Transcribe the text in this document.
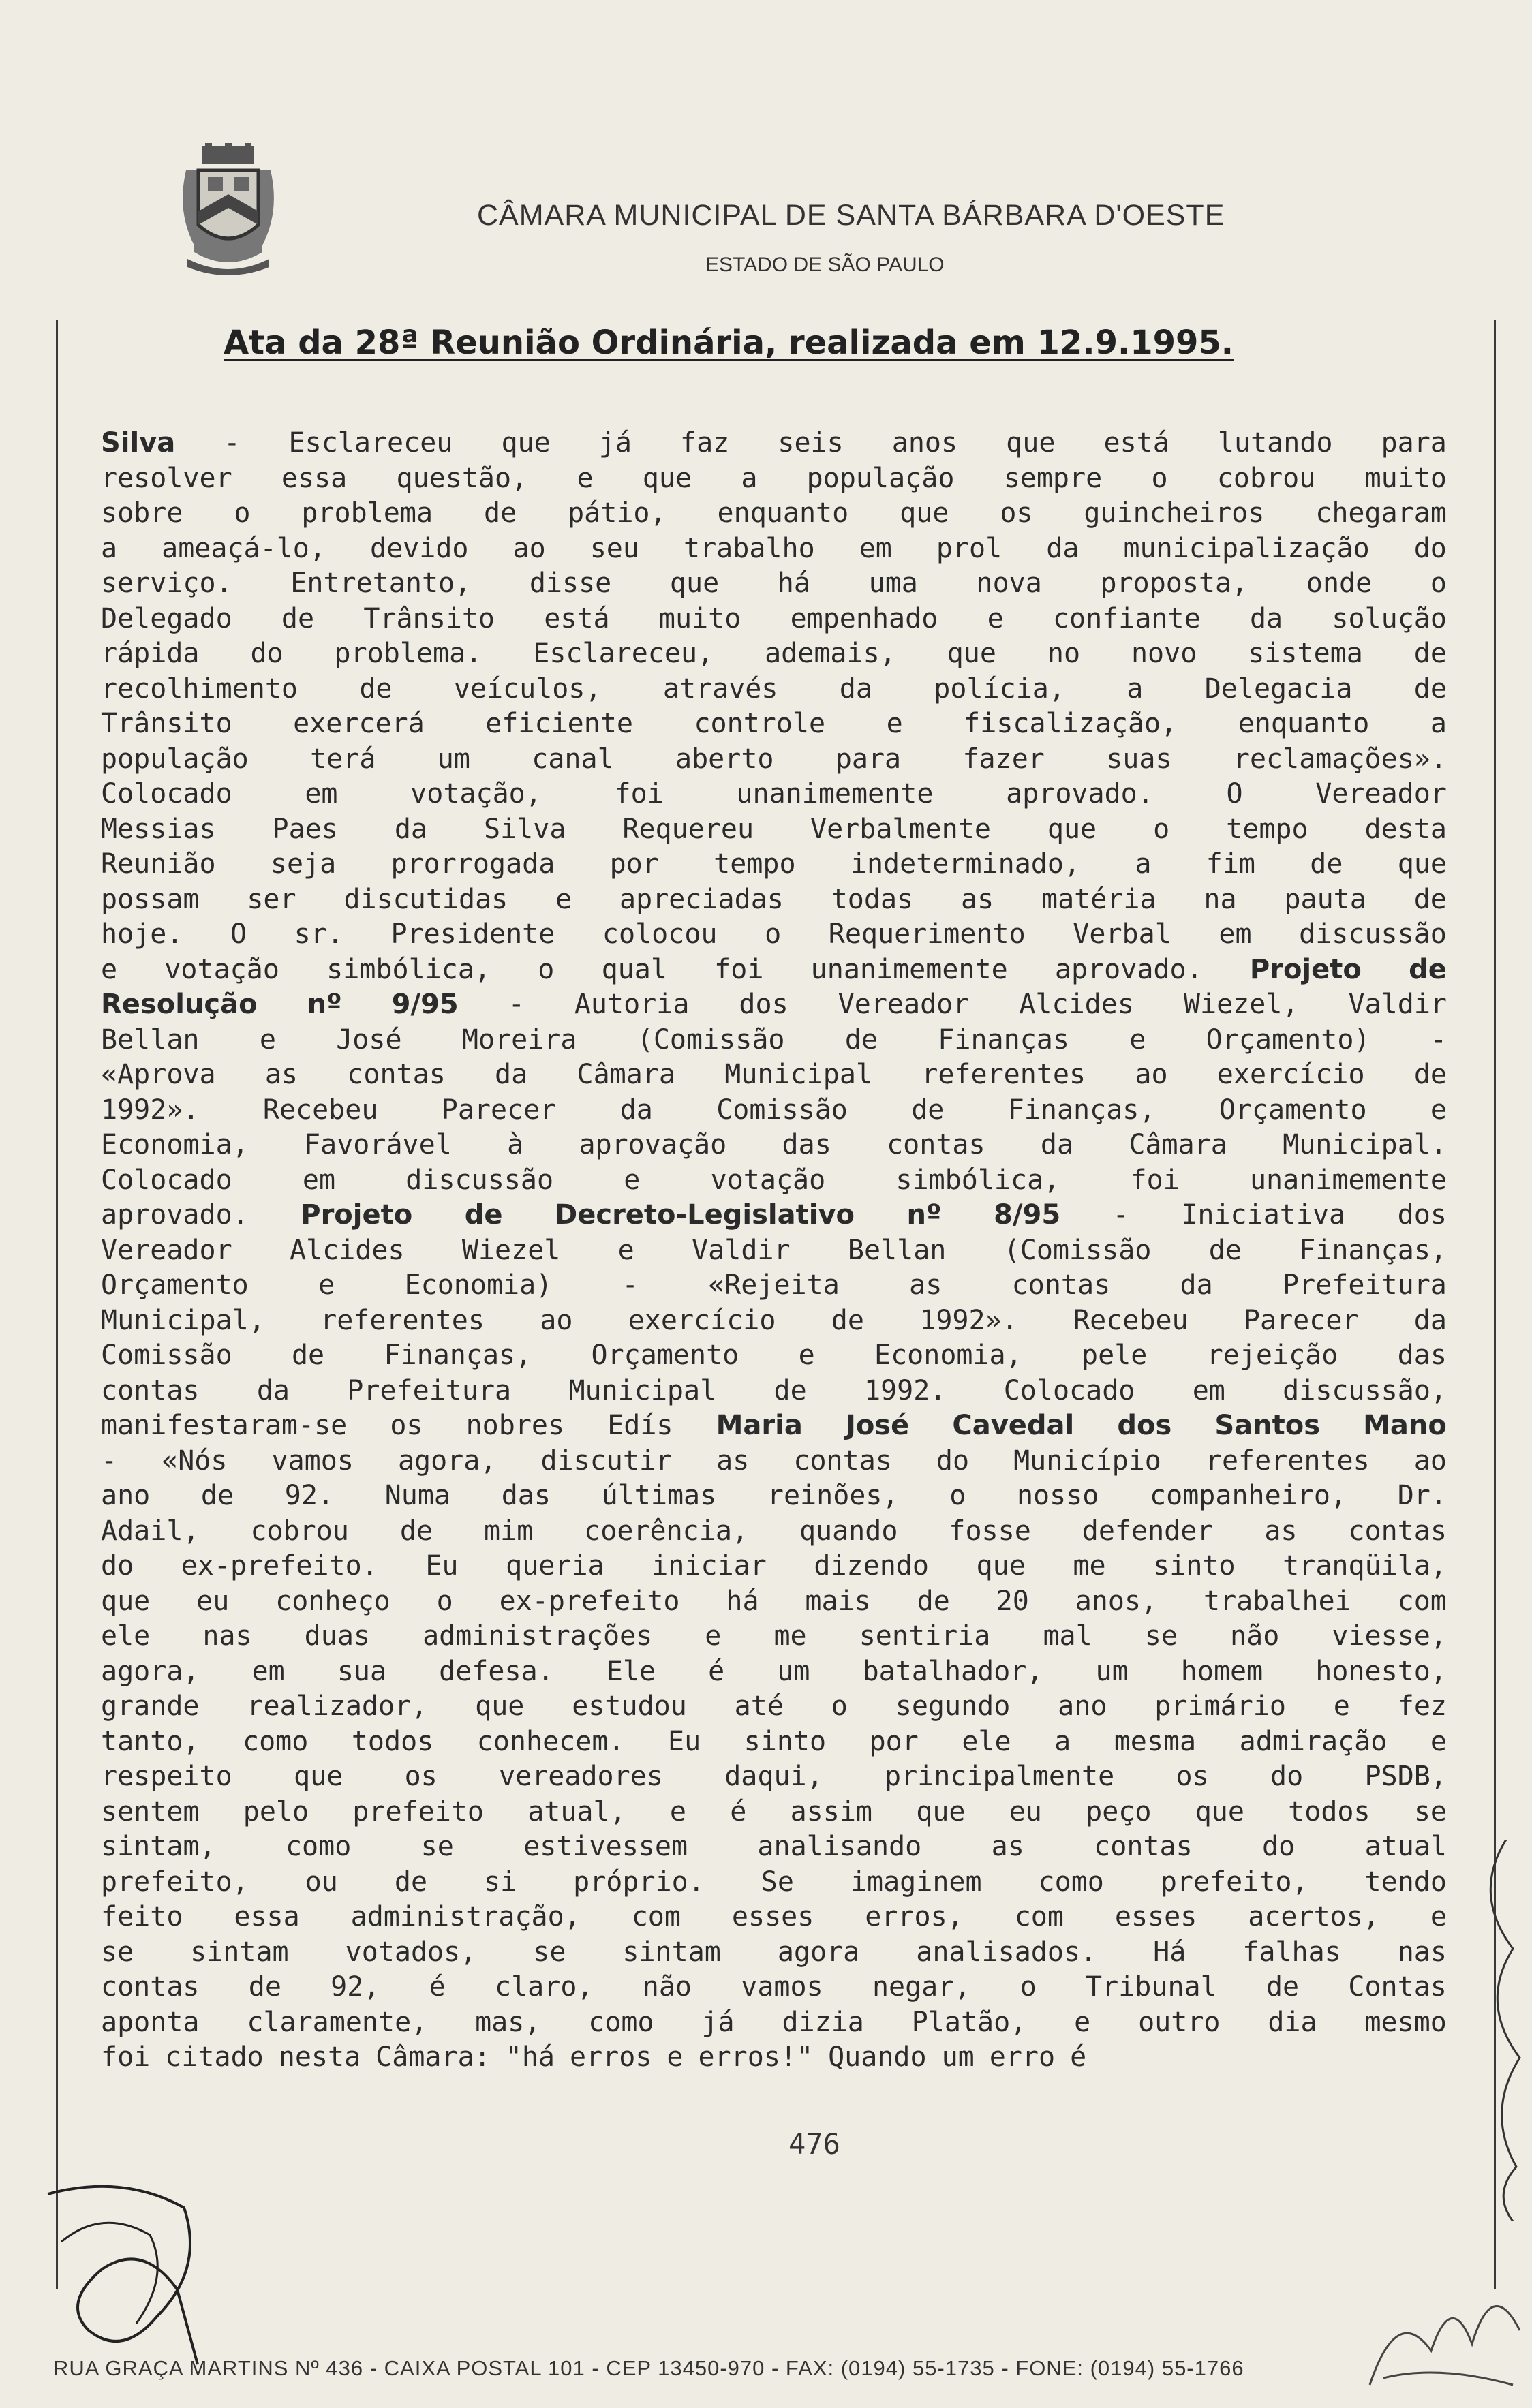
CÂMARA MUNICIPAL DE SANTA BÁRBARA D'OESTE
ESTADO DE SÃO PAULO
Ata da 28ª Reunião Ordinária, realizada em 12.9.1995.
Silva - Esclareceu que já faz seis anos que está lutando para
resolver essa questão, e que a população sempre o cobrou muito
sobre o problema de pátio, enquanto que os guincheiros chegaram
a ameaçá-lo, devido ao seu trabalho em prol da municipalização do
serviço. Entretanto, disse que há uma nova proposta, onde o
Delegado de Trânsito está muito empenhado e confiante da solução
rápida do problema. Esclareceu, ademais, que no novo sistema de
recolhimento de veículos, através da polícia, a Delegacia de
Trânsito exercerá eficiente controle e fiscalização, enquanto a
população terá um canal aberto para fazer suas reclamações».
Colocado	em	votação,	foi	unanimemente	aprovado.	O	Vereador
Messias Paes da Silva Requereu Verbalmente que o tempo desta
Reunião seja prorrogada por tempo indeterminado, a fim de que
possam ser discutidas e apreciadas todas as matéria na pauta de
hoje. O sr. Presidente colocou o Requerimento Verbal em discussão
e votação simbólica, o qual foi unanimemente aprovado. Projeto de
Resolução nº 9/95 - Autoria dos Vereador Alcides Wiezel, Valdir
Bellan e José Moreira (Comissão de Finanças e Orçamento) -
«Aprova as contas da Câmara Municipal referentes ao exercício de
1992». Recebeu Parecer da Comissão de Finanças, Orçamento e
Economia, Favorável à aprovação das contas da Câmara Municipal.
Colocado	em	discussão	e	votação	simbólica,	foi	unanimemente
aprovado. Projeto de Decreto-Legislativo nº 8/95 - Iniciativa dos
Vereador Alcides Wiezel e Valdir Bellan (Comissão de Finanças,
Orçamento	e	Economia)	-	«Rejeita	as	contas	da	Prefeitura
Municipal, referentes ao exercício de 1992». Recebeu Parecer da
Comissão de Finanças, Orçamento e Economia, pele rejeição das
contas da Prefeitura Municipal de 1992. Colocado em discussão,
manifestaram-se os nobres Edís Maria José Cavedal dos Santos Mano
- «Nós vamos agora, discutir as contas do Município referentes ao
ano de 92. Numa das últimas reinões, o nosso companheiro, Dr.
Adail, cobrou de mim coerência, quando fosse defender as contas
do ex-prefeito. Eu queria iniciar dizendo que me sinto tranqüila,
que eu conheço o ex-prefeito há mais de 20 anos, trabalhei com
ele nas duas administrações e me sentiria mal se não viesse,
agora, em sua defesa. Ele é um batalhador, um homem honesto,
grande realizador, que estudou até o segundo ano primário e fez
tanto, como todos conhecem. Eu sinto por ele a mesma admiração e
respeito que os vereadores daqui, principalmente os do PSDB,
sentem pelo prefeito atual, e é assim que eu peço que todos se
sintam,	como	se	estivessem	analisando	as	contas	do	atual
prefeito, ou de si próprio. Se imaginem como prefeito, tendo
feito essa administração, com esses erros, com esses acertos, e
se sintam votados, se sintam agora analisados. Há falhas nas
contas de 92, é claro, não vamos negar, o Tribunal de Contas
aponta claramente, mas, como já dizia Platão, e outro dia mesmo
foi citado nesta Câmara: "há erros e erros!" Quando um erro é
476
RUA GRAÇA MARTINS Nº 436 - CAIXA POSTAL 101 - CEP 13450-970 - FAX: (0194) 55-1735 - FONE: (0194) 55-1766
